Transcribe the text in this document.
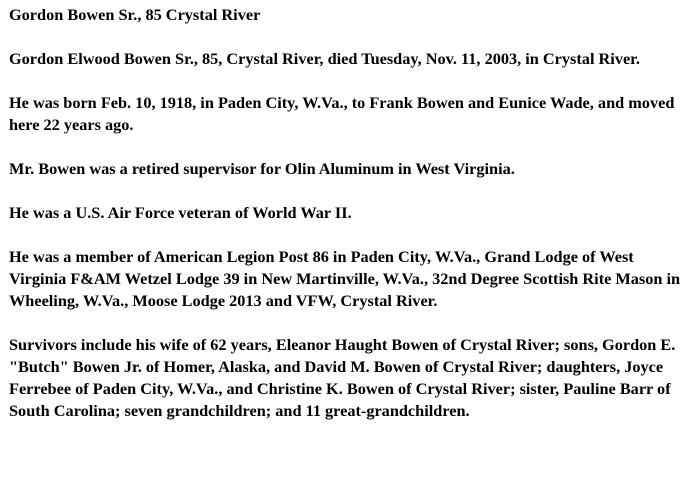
Gordon Bowen Sr., 85 Crystal River

Gordon Elwood Bowen Sr., 85, Crystal River, died Tuesday, Nov. 11, 2003, in Crystal River.

He was born Feb. 10, 1918, in Paden City, W.Va., to Frank Bowen and Eunice Wade, and moved here 22 years ago.

Mr. Bowen was a retired supervisor for Olin Aluminum in West Virginia.

He was a U.S. Air Force veteran of World War II.

He was a member of American Legion Post 86 in Paden City, W.Va., Grand Lodge of West Virginia F&AM Wetzel Lodge 39 in New Martinville, W.Va., 32nd Degree Scottish Rite Mason in Wheeling, W.Va., Moose Lodge 2013 and VFW, Crystal River.

Survivors include his wife of 62 years, Eleanor Haught Bowen of Crystal River; sons, Gordon E. "Butch" Bowen Jr. of Homer, Alaska, and David M. Bowen of Crystal River; daughters, Joyce Ferrebee of Paden City, W.Va., and Christine K. Bowen of Crystal River; sister, Pauline Barr of South Carolina; seven grandchildren; and 11 great-grandchildren.
